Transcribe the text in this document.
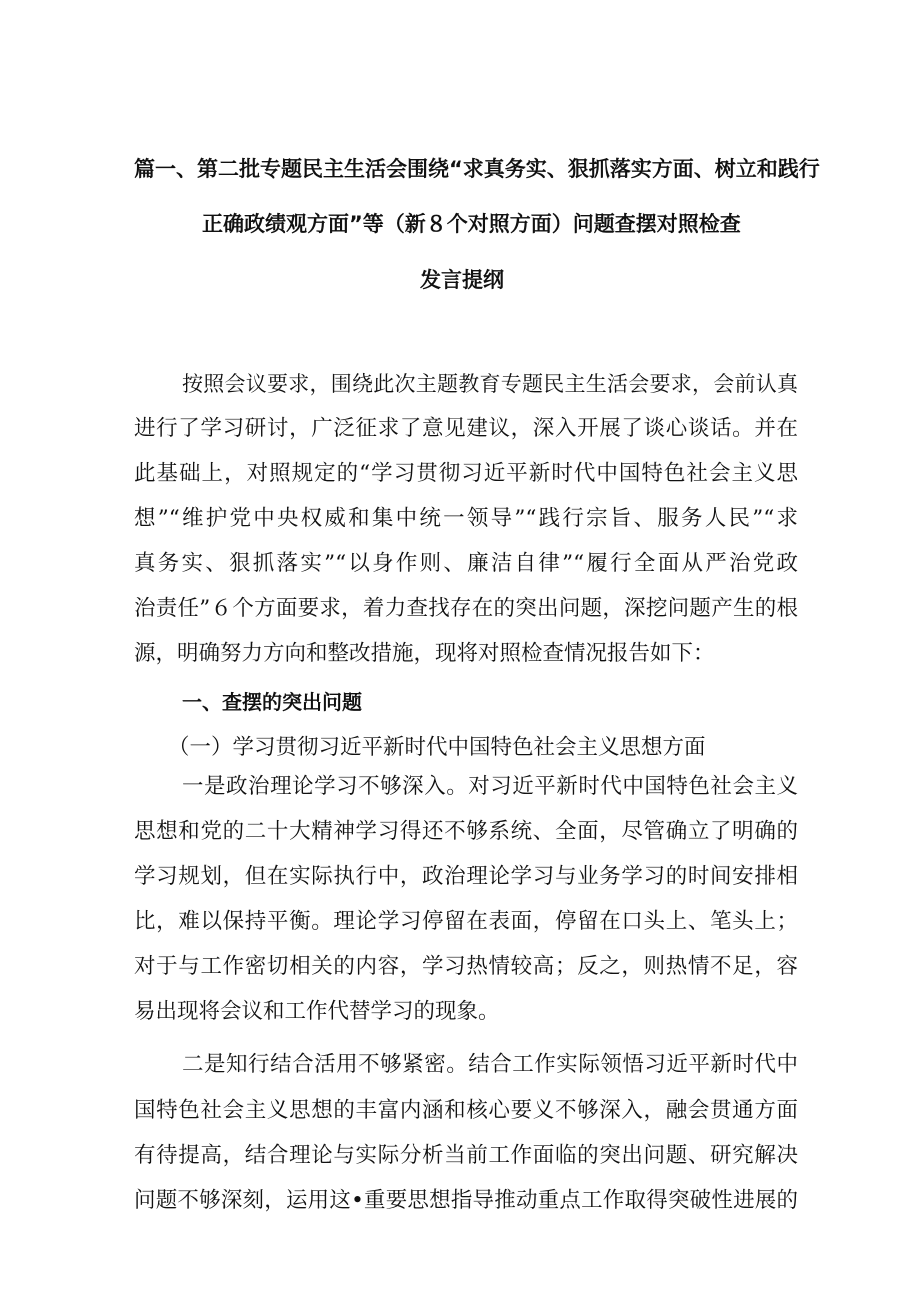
篇一、第二批专题民主生活会围绕“求真务实、狠抓落实方面、树立和践行
正确政绩观方面”等（新８个对照方面）问题查摆对照检查
发言提纲
按照会议要求，围绕此次主题教育专题民主生活会要求，会前认真
进行了学习研讨，广泛征求了意见建议，深入开展了谈心谈话。并在
此基础上，对照规定的“学习贯彻习近平新时代中国特色社会主义思
想”“维护党中央权威和集中统一领导”“践行宗旨、服务人民”“求
真务实、狠抓落实”“以身作则、廉洁自律”“履行全面从严治党政
治责任”６个方面要求，着力查找存在的突出问题，深挖问题产生的根
源，明确努力方向和整改措施，现将对照检查情况报告如下：
一、查摆的突出问题
（一）学习贯彻习近平新时代中国特色社会主义思想方面
一是政治理论学习不够深入。对习近平新时代中国特色社会主义
思想和党的二十大精神学习得还不够系统、全面，尽管确立了明确的
学习规划，但在实际执行中，政治理论学习与业务学习的时间安排相
比，难以保持平衡。理论学习停留在表面，停留在口头上、笔头上；
对于与工作密切相关的内容，学习热情较高；反之，则热情不足，容
易出现将会议和工作代替学习的现象。
二是知行结合活用不够紧密。结合工作实际领悟习近平新时代中
国特色社会主义思想的丰富内涵和核心要义不够深入，融会贯通方面
有待提高，结合理论与实际分析当前工作面临的突出问题、研究解决
问题不够深刻，运用这•重要思想指导推动重点工作取得突破性进展的
